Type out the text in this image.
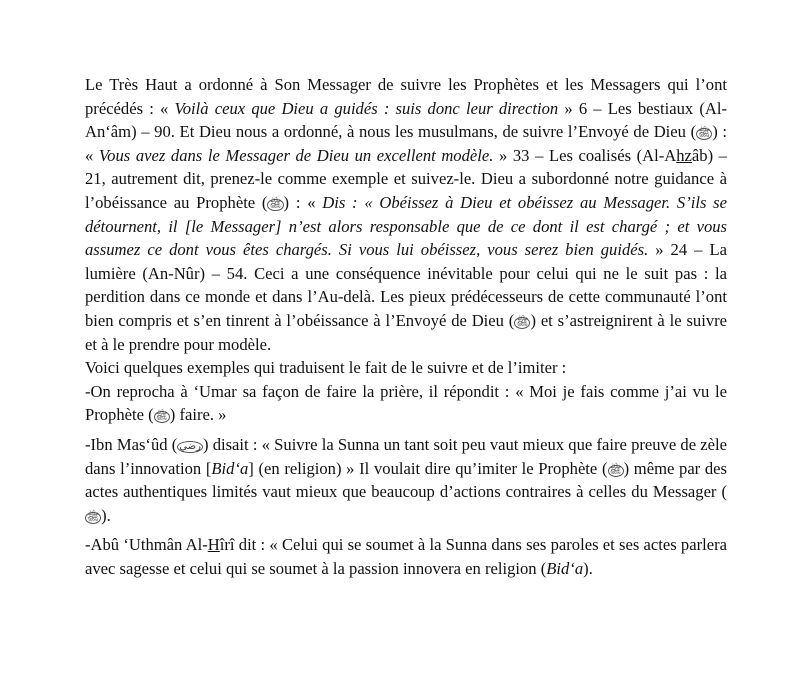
Le Très Haut a ordonné à Son Messager de suivre les Prophètes et les Messagers qui l’ont précédés : « Voilà ceux que Dieu a guidés : suis donc leur direction » 6 – Les bestiaux (Al-An‘âm) – 90. Et Dieu nous a ordonné, à nous les musulmans, de suivre l’Envoyé de Dieu ( ﷺ ) : « Vous avez dans le Messager de Dieu un excellent modèle. » 33 – Les coalisés (Al-Ahzâb) – 21, autrement dit, prenez-le comme exemple et suivez-le. Dieu a subordonné notre guidance à l’obéissance au Prophète ( ﷺ ) : « Dis : « Obéissez à Dieu et obéissez au Messager. S’ils se détournent, il [le Messager] n’est alors responsable que de ce dont il est chargé ; et vous assumez ce dont vous êtes chargés. Si vous lui obéissez, vous serez bien guidés. » 24 – La lumière (An-Nûr) – 54. Ceci a une conséquence inévitable pour celui qui ne le suit pas : la perdition dans ce monde et dans l’Au-delà. Les pieux prédécesseurs de cette communauté l’ont bien compris et s’en tinrent à l’obéissance à l’Envoyé de Dieu ( ﷺ ) et s’astreignirent à le suivre et à le prendre pour modèle.

Voici quelques exemples qui traduisent le fait de le suivre et de l’imiter :

-On reprocha à ‘Umar sa façon de faire la prière, il répondit : « Moi je fais comme j’ai vu le Prophète ( ﷺ ) faire. »

-Ibn Mas‘ûd ( رضي ) disait : « Suivre la Sunna un tant soit peu vaut mieux que faire preuve de zèle dans l’innovation [Bid‘a] (en religion) » Il voulait dire qu’imiter le Prophète ( ﷺ ) même par des actes authentiques limités vaut mieux que beaucoup d’actions contraires à celles du Messager (ﷺ ).

-Abû ‘Uthmân Al-Hîrî dit : « Celui qui se soumet à la Sunna dans ses paroles et ses actes parlera avec sagesse et celui qui se soumet à la passion innovera en religion (Bid‘a).
